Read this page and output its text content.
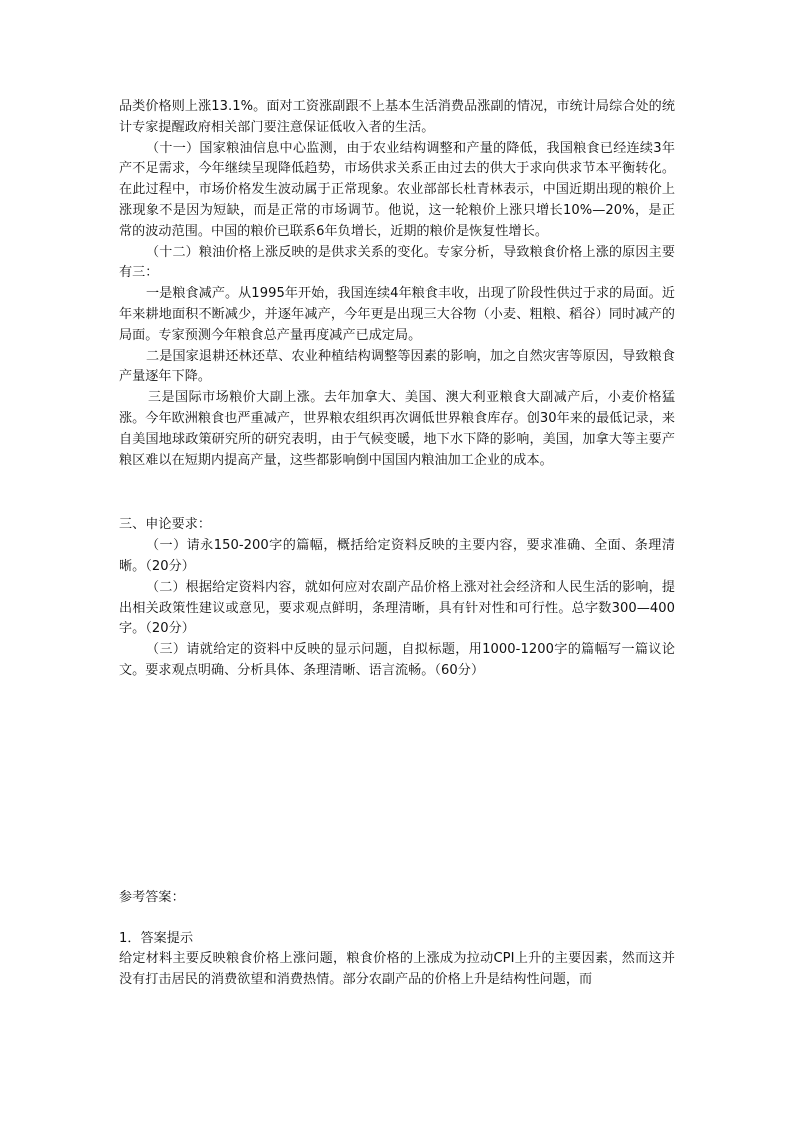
品类价格则上涨13.1%。面对工资涨副跟不上基本生活消费品涨副的情况，市统计局综合处的统计专家提醒政府相关部门要注意保证低收入者的生活。

（十一）国家粮油信息中心监测，由于农业结构调整和产量的降低，我国粮食已经连续3年产不足需求，今年继续呈现降低趋势，市场供求关系正由过去的供大于求向供求节本平衡转化。在此过程中，市场价格发生波动属于正常现象。农业部部长杜青林表示，中国近期出现的粮价上涨现象不是因为短缺，而是正常的市场调节。他说，这一轮粮价上涨只增长10%—20%，是正常的波动范围。中国的粮价已联系6年负增长，近期的粮价是恢复性增长。

（十二）粮油价格上涨反映的是供求关系的变化。专家分析，导致粮食价格上涨的原因主要有三：

一是粮食减产。从1995年开始，我国连续4年粮食丰收，出现了阶段性供过于求的局面。近年来耕地面积不断减少，并逐年减产，今年更是出现三大谷物（小麦、粗粮、稻谷）同时减产的局面。专家预测今年粮食总产量再度减产已成定局。

二是国家退耕还林还草、农业种植结构调整等因素的影响，加之自然灾害等原因，导致粮食产量逐年下降。

三是国际市场粮价大副上涨。去年加拿大、美国、澳大利亚粮食大副减产后，小麦价格猛涨。今年欧洲粮食也严重减产，世界粮农组织再次调低世界粮食库存。创30年来的最低记录，来自美国地球政策研究所的研究表明，由于气候变暖，地下水下降的影响，美国，加拿大等主要产粮区难以在短期内提高产量，这些都影响倒中国国内粮油加工企业的成本。

三、申论要求：

（一）请永150-200字的篇幅，概括给定资料反映的主要内容，要求准确、全面、条理清晰。（20分）

（二）根据给定资料内容，就如何应对农副产品价格上涨对社会经济和人民生活的影响，提出相关政策性建议或意见，要求观点鲜明，条理清晰，具有针对性和可行性。总字数300—400字。（20分）

（三）请就给定的资料中反映的显示问题，自拟标题，用1000-1200字的篇幅写一篇议论文。要求观点明确、分析具体、条理清晰、语言流畅。（60分）

参考答案：

1．答案提示

给定材料主要反映粮食价格上涨问题，粮食价格的上涨成为拉动CPI上升的主要因素，然而这并没有打击居民的消费欲望和消费热情。部分农副产品的价格上升是结构性问题，而
